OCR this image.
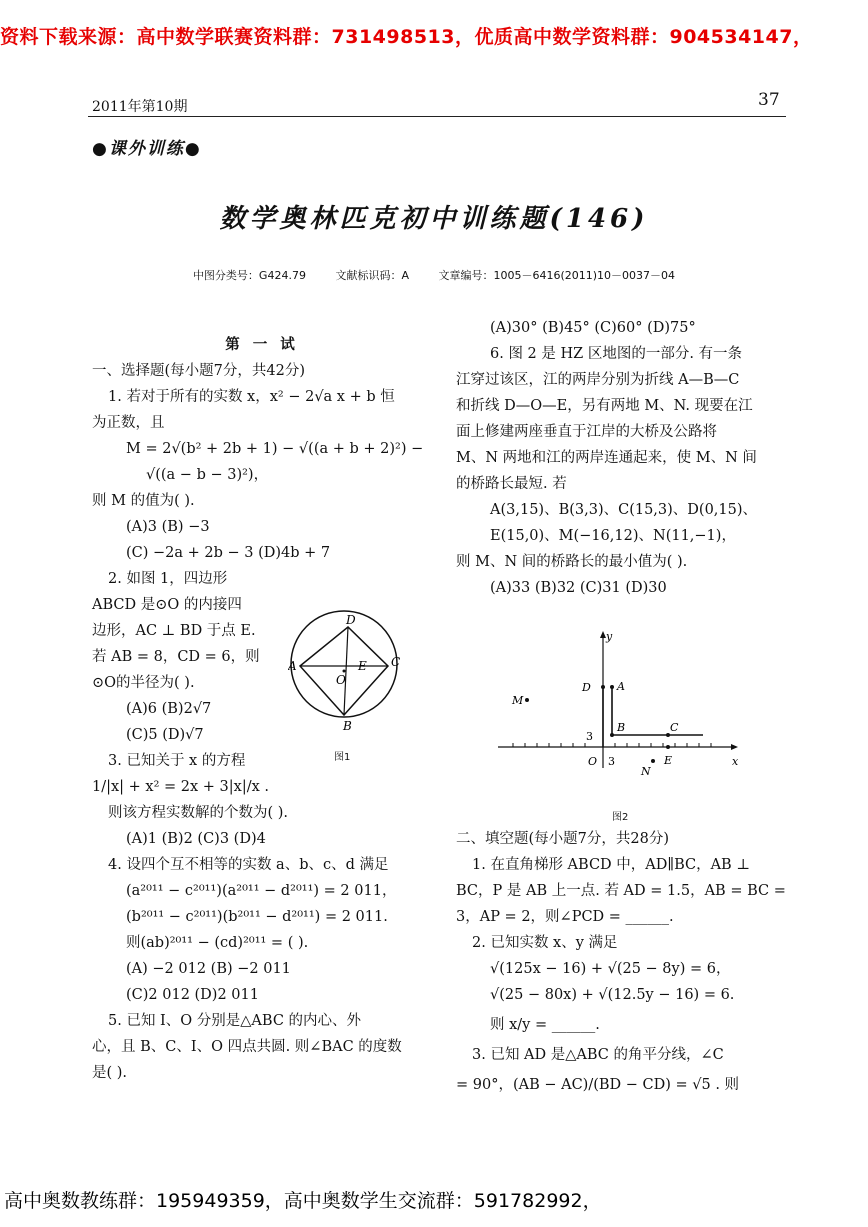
资料下载来源：高中数学联赛资料群：731498513，优质高中数学资料群：904534147，
2011年第10期	37
●课外训练●
数学奥林匹克初中训练题(146)
中图分类号：G424.79	文献标识码：A	文章编号：1005－6416(2011)10－0037－04

第 一 试

一、选择题(每小题7分，共42分)

1. 若对于所有的实数 x，x² − 2√a x + b 恒

为正数，且

M = 2√(b² + 2b + 1) − √((a + b + 2)²) −

√((a − b − 3)²)，

则 M 的值为( ).

(A)3 (B) −3

(C) −2a + 2b − 3 (D)4b + 7

2. 如图 1，四边形

ABCD 是⊙O 的内接四

边形，AC ⊥ BD 于点 E.

若 AB = 8，CD = 6，则

⊙O的半径为( ).

(A)6 (B)2√7

(C)5 (D)√7

3. 已知关于 x 的方程

1/|x| + x² = 2x + 3|x|/x .

则该方程实数解的个数为( ).

(A)1 (B)2 (C)3 (D)4

4. 设四个互不相等的实数 a、b、c、d 满足

(a²⁰¹¹ − c²⁰¹¹)(a²⁰¹¹ − d²⁰¹¹) = 2 011，

(b²⁰¹¹ − c²⁰¹¹)(b²⁰¹¹ − d²⁰¹¹) = 2 011.

则(ab)²⁰¹¹ − (cd)²⁰¹¹ = ( ).

(A) −2 012 (B) −2 011

(C)2 012 (D)2 011

5. 已知 I、O 分别是△ABC 的内心、外

心，且 B、C、I、O 四点共圆. 则∠BAC 的度数

是( ).

A
D
C
B
E
O
图1

(A)30° (B)45° (C)60° (D)75°

6. 图 2 是 HZ 区地图的一部分. 有一条

江穿过该区，江的两岸分别为折线 A—B—C

和折线 D—O—E，另有两地 M、N. 现要在江

面上修建两座垂直于江岸的大桥及公路将

M、N 两地和江的两岸连通起来，使 M、N 间

的桥路长最短. 若

A(3,15)、B(3,3)、C(15,3)、D(0,15)、

E(15,0)、M(−16,12)、N(11,−1)，

则 M、N 间的桥路长的最小值为( ).

(A)33 (B)32 (C)31 (D)30

y
x
O 3
3
A
D
B	C
E
M
N
图2

二、填空题(每小题7分，共28分)

1. 在直角梯形 ABCD 中，AD∥BC，AB ⊥

BC，P 是 AB 上一点. 若 AD = 1.5，AB = BC =

3，AP = 2，则∠PCD = ______.

2. 已知实数 x、y 满足

√(125x − 16) + √(25 − 8y) = 6，

√(25 − 80x) + √(12.5y − 16) = 6.

则 x/y = ______.

3. 已知 AD 是△ABC 的角平分线，∠C

= 90°，(AB − AC)/(BD − CD) = √5 . 则

高中奥数教练群：195949359，高中奥数学生交流群：591782992，
